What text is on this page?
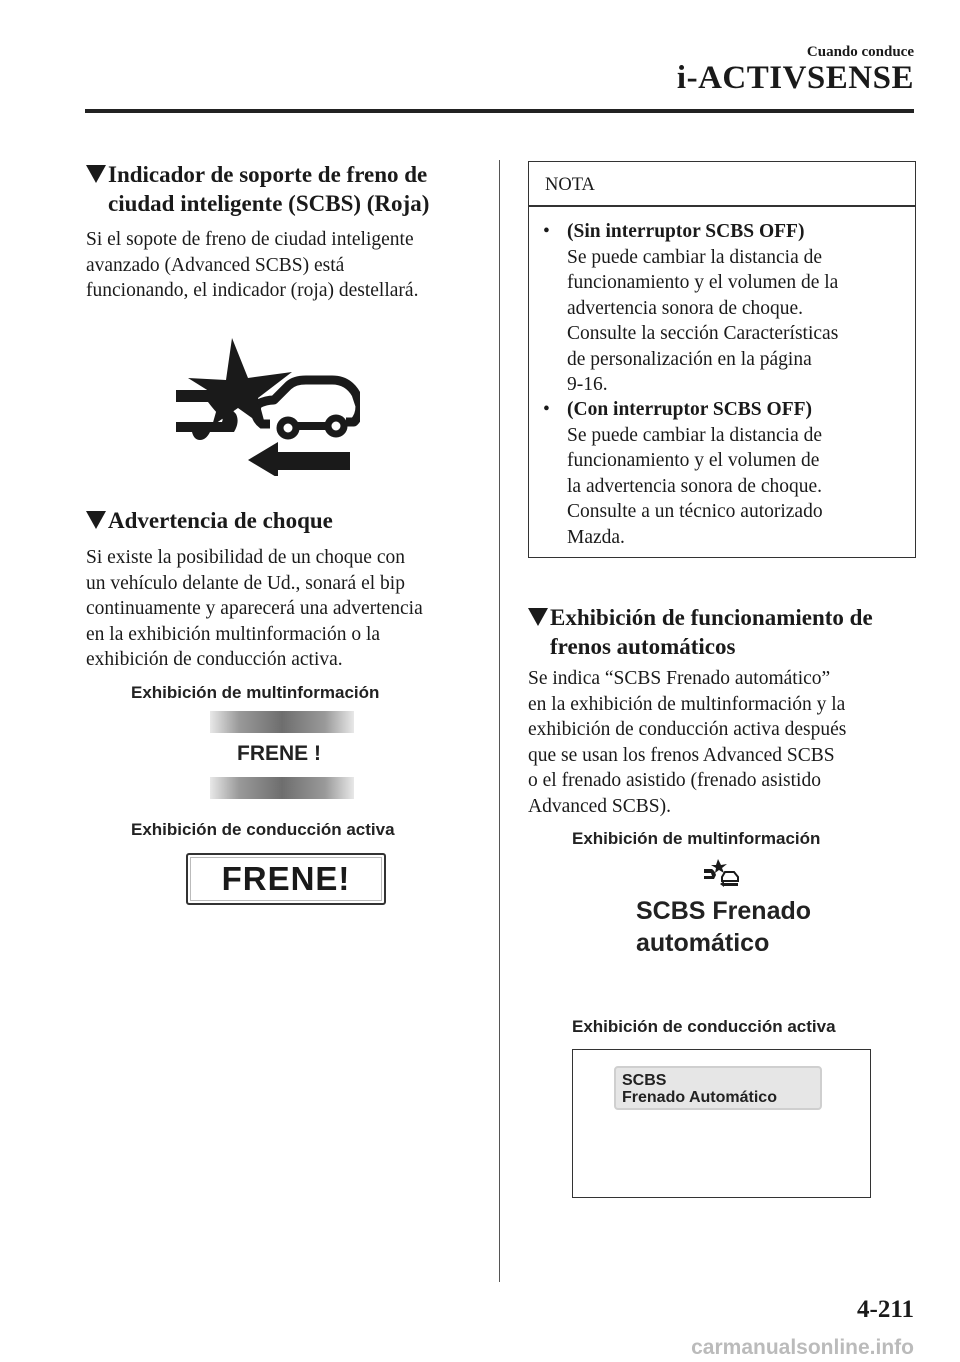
Cuando conduce
i-ACTIVSENSE
Indicador de soporte de freno de
ciudad inteligente (SCBS) (Roja)
Si el sopote de freno de ciudad inteligente
avanzado (Advanced SCBS) está
funcionando, el indicador (roja) destellará.
Advertencia de choque
Si existe la posibilidad de un choque con
un vehículo delante de Ud., sonará el bip
continuamente y aparecerá una advertencia
en la exhibición multinformación o la
exhibición de conducción activa.
Exhibición de multinformación
FRENE !
Exhibición de conducción activa
FRENE!
NOTA
• (Sin interruptor SCBS OFF)
Se puede cambiar la distancia de
funcionamiento y el volumen de la
advertencia sonora de choque.
Consulte la sección Características
de personalización en la página
9-16.
• (Con interruptor SCBS OFF)
Se puede cambiar la distancia de
funcionamiento y el volumen de
la advertencia sonora de choque.
Consulte a un técnico autorizado
Mazda.
Exhibición de funcionamiento de
frenos automáticos
Se indica “SCBS Frenado automático”
en la exhibición de multinformación y la
exhibición de conducción activa después
que se usan los frenos Advanced SCBS
o el frenado asistido (frenado asistido
Advanced SCBS).
Exhibición de multinformación
SCBS Frenado
automático
Exhibición de conducción activa
SCBS
Frenado Automático
4-211
carmanualsonline.info
